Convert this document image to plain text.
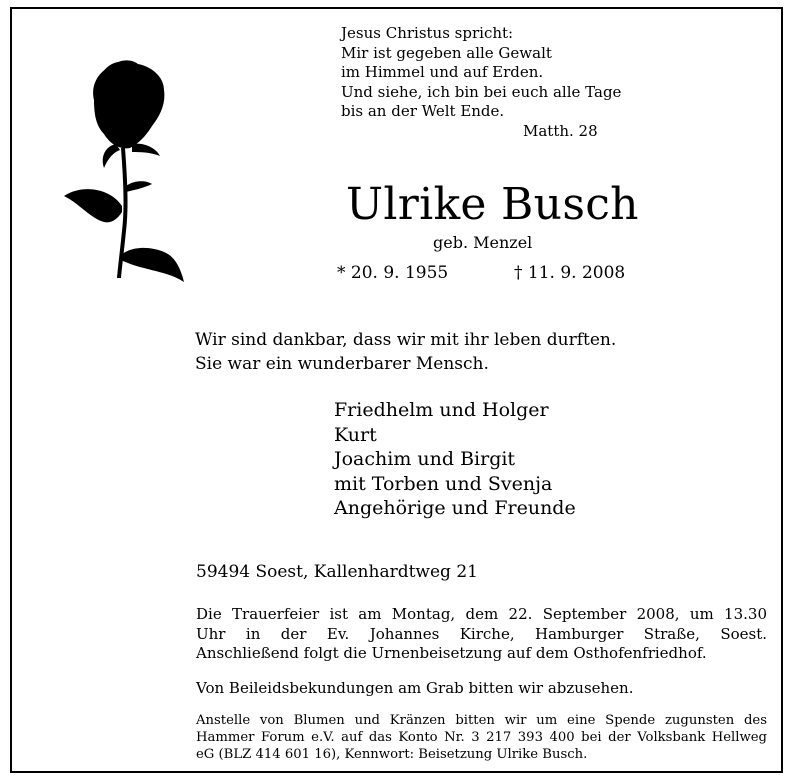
Jesus Christus spricht:
Mir ist gegeben alle Gewalt
im Himmel und auf Erden.
Und siehe, ich bin bei euch alle Tage
bis an der Welt Ende.
Matth. 28
Ulrike Busch
geb. Menzel
* 20. 9. 1955	† 11. 9. 2008
Wir sind dankbar, dass wir mit ihr leben durften.
Sie war ein wunderbarer Mensch.
Friedhelm und Holger
Kurt
Joachim und Birgit
mit Torben und Svenja
Angehörige und Freunde
59494 Soest, Kallenhardtweg 21
Die Trauerfeier ist am Montag, dem 22. September 2008, um 13.30
Uhr in der Ev. Johannes Kirche, Hamburger Straße, Soest.
Anschließend folgt die Urnenbeisetzung auf dem Osthofenfriedhof.
Von Beileidsbekundungen am Grab bitten wir abzusehen.
Anstelle von Blumen und Kränzen bitten wir um eine Spende zugunsten des
Hammer Forum e.V. auf das Konto Nr. 3 217 393 400 bei der Volksbank Hellweg
eG (BLZ 414 601 16), Kennwort: Beisetzung Ulrike Busch.
